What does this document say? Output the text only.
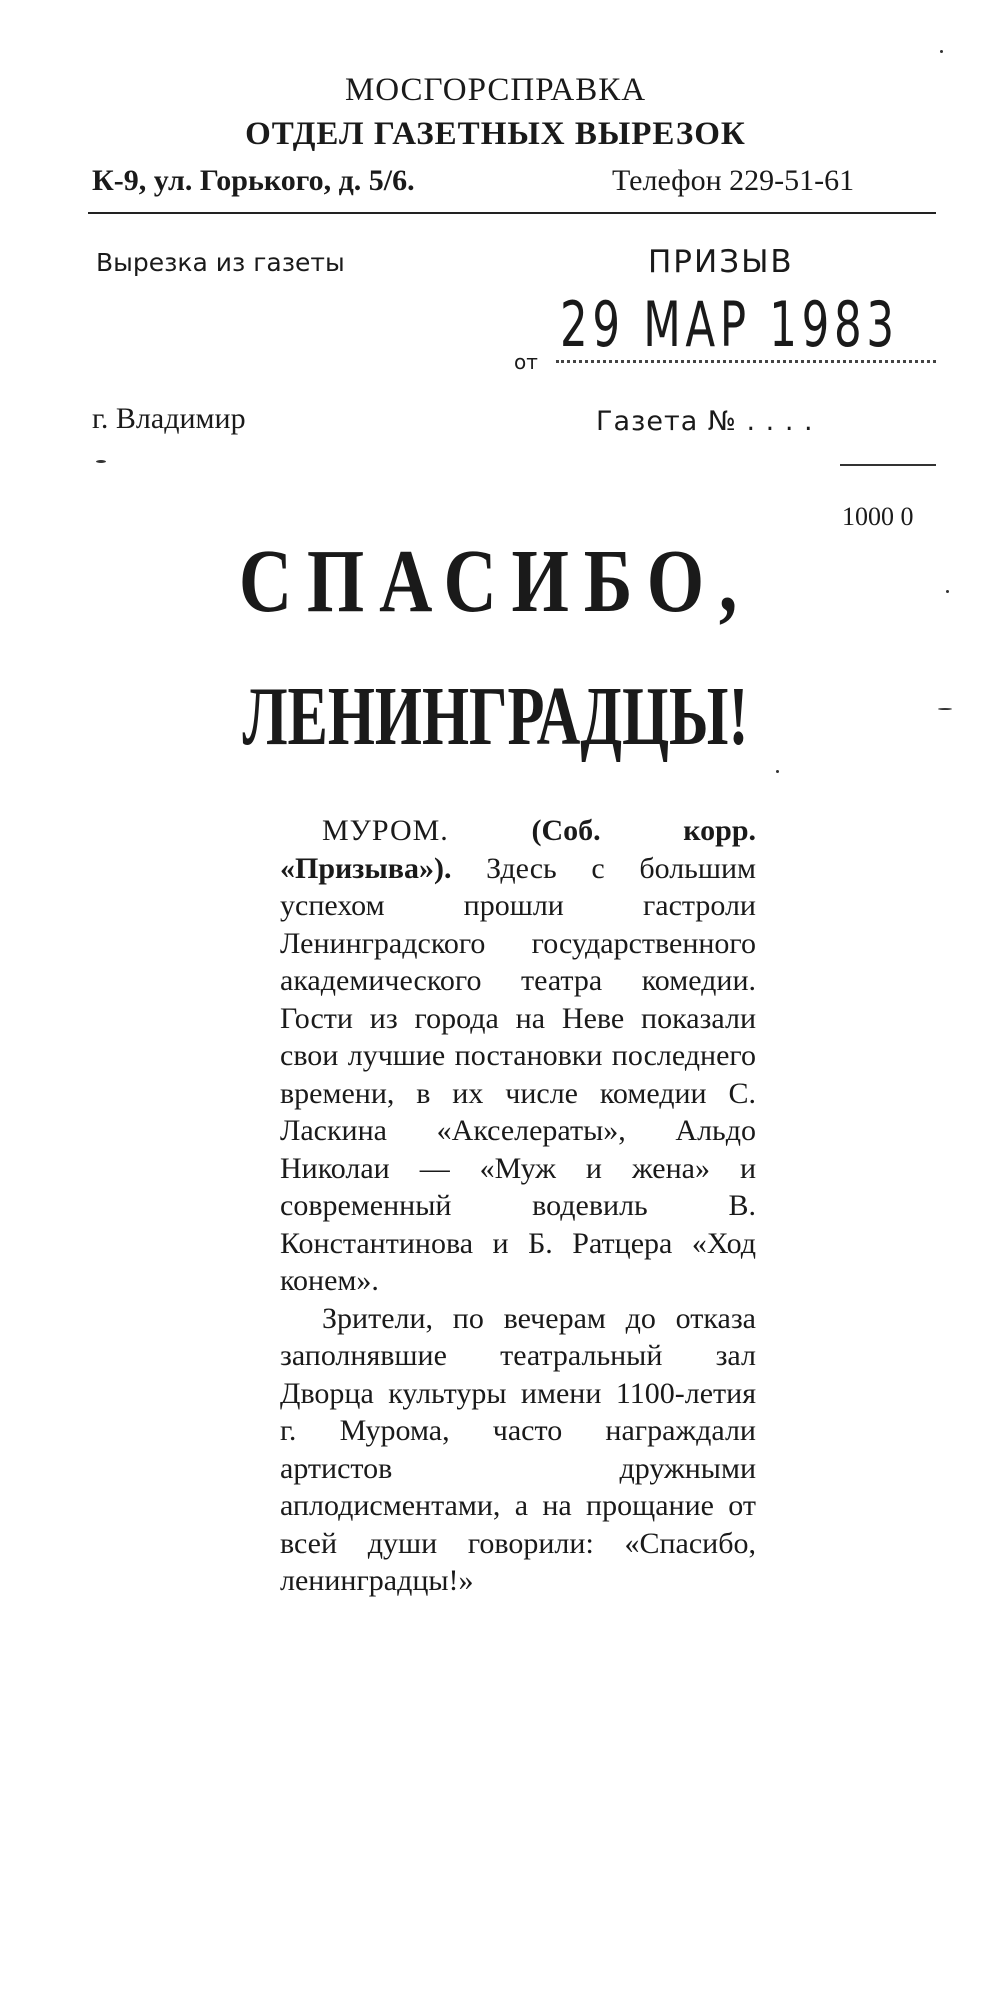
МОСГОРСПРАВКА
ОТДЕЛ ГАЗЕТНЫХ ВЫРЕЗОК
К-9, ул. Горького, д. 5/6.	Телефон 229-51-61
Вырезка из газеты	ПРИЗЫВ
от
29 МАР 1983
г. Владимир	Газета № . . . .
1000 0
СПАСИБО,
ЛЕНИНГРАДЦЫ!

МУРОМ.	(Соб. корр. «Призыва»). Здесь с большим успехом прошли гастроли Ленинградского государственного академического театра комедии. Гости из города на Неве показали свои лучшие постановки последнего времени, в их числе комедии С. Ласкина «Акселераты», Альдо Николаи — «Муж и жена» и современный водевиль В. Константинова и Б. Ратцера «Ход конем».

Зрители, по вечерам до отказа заполнявшие театральный зал Дворца культуры имени 1100-летия г. Мурома, часто награждали артистов дружными аплодисментами, а на прощание от всей души говорили: «Спасибо, ленинградцы!»
